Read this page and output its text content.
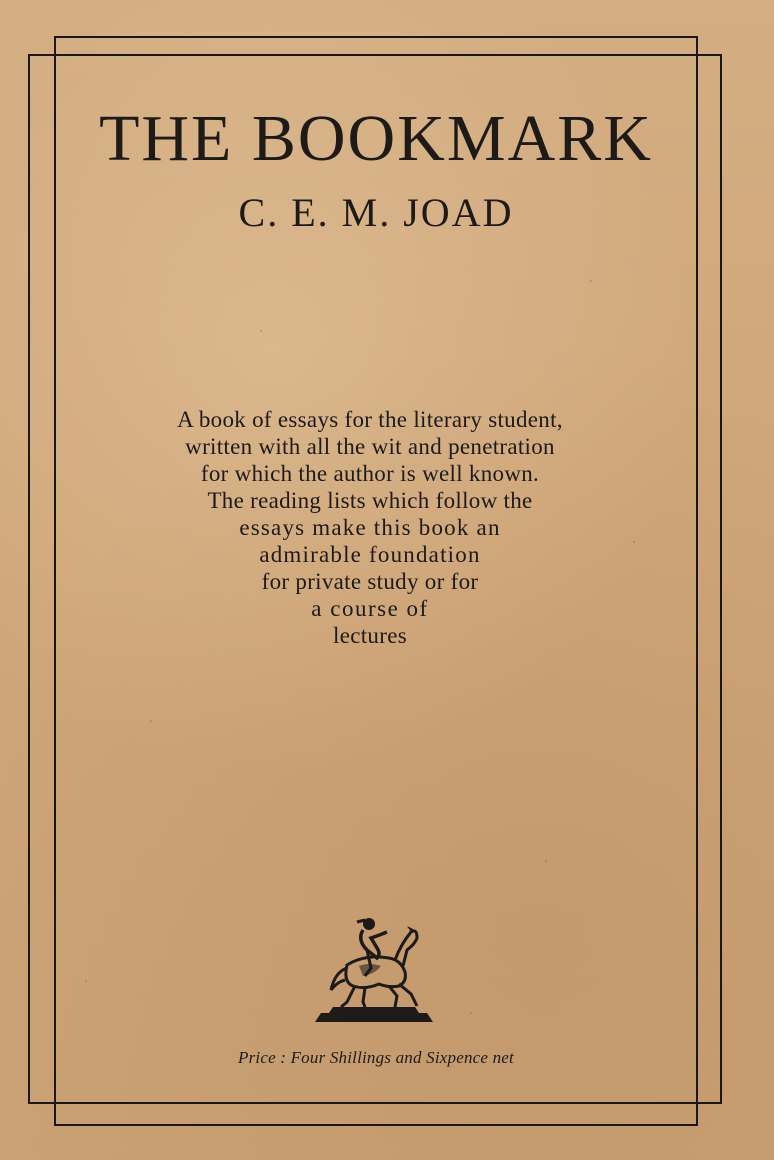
THE BOOKMARK
C. E. M. JOAD
A book of essays for the literary student,
written with all the wit and penetration
for which the author is well known.
The reading lists which follow the
essays make this book an
admirable foundation
for private study or for
a course of
lectures
Price : Four Shillings and Sixpence net
